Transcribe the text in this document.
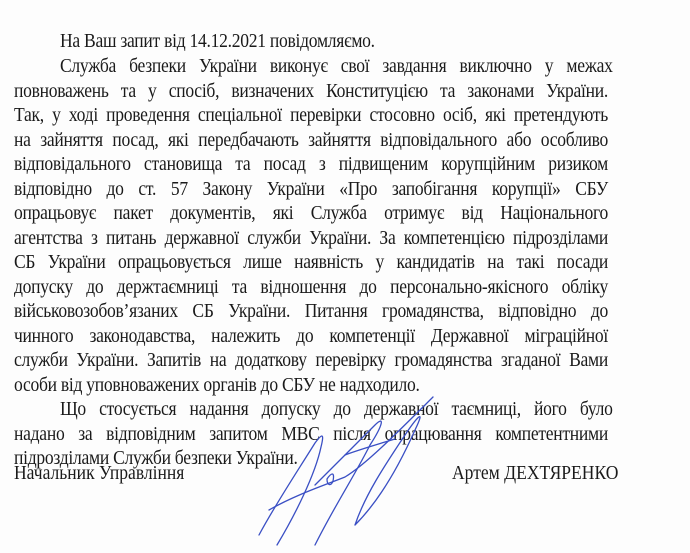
На Ваш запит від 14.12.2021 повідомляємо.
Служба безпеки України виконує свої завдання виключно у межах
повноважень та у спосіб, визначених Конституцією та законами України.
Так, у ході проведення спеціальної перевірки стосовно осіб, які претендують
на зайняття посад, які передбачають зайняття відповідального або особливо
відповідального становища та посад з підвищеним корупційним ризиком
відповідно до ст. 57 Закону України «Про запобігання корупції» СБУ
опрацьовує пакет документів, які Служба отримує від Національного
агентства з питань державної служби України. За компетенцією підрозділами
СБ України опрацьовується лише наявність у кандидатів на такі посади
допуску до держтаємниці та відношення до персонально-якісного обліку
військовозобов’язаних СБ України. Питання громадянства, відповідно до
чинного законодавства, належить до компетенції Державної міграційної
служби України. Запитів на додаткову перевірку громадянства згаданої Вами
особи від уповноважених органів до СБУ не надходило.
Що стосується надання допуску до державної таємниці, його було
надано за відповідним запитом МВС після опрацювання компетентними
підрозділами Служби безпеки України.
Начальник Управління	Артем ДЕХТЯРЕНКО
